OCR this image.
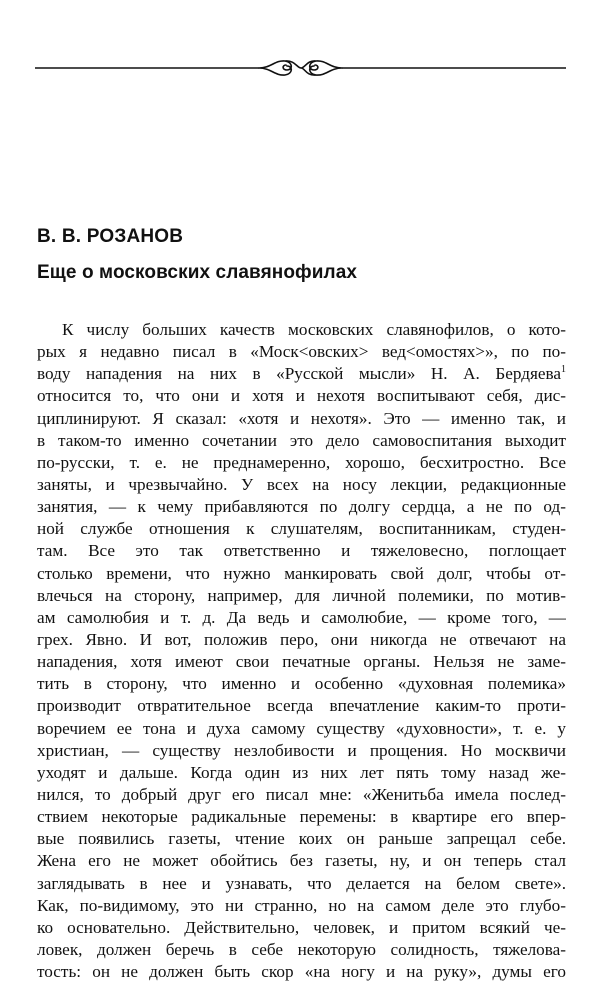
В. В. РОЗАНОВ
Еще о московских славянофилах
К числу больших качеств московских славянофилов, о кото-
рых я недавно писал в «Моск<овских> вед<омостях>», по по-
воду нападения на них в «Русской мысли» Н. А. Бердяева$^1$
относится то, что они и хотя и нехотя воспитывают себя, дис-
циплинируют. Я сказал: «хотя и нехотя». Это — именно так, и
в таком-то именно сочетании это дело самовоспитания выходит
по-русски, т. е. не преднамеренно, хорошо, бесхитростно. Все
заняты, и чрезвычайно. У всех на носу лекции, редакционные
занятия, — к чему прибавляются по долгу сердца, а не по од-
ной службе отношения к слушателям, воспитанникам, студен-
там. Все это так ответственно и тяжеловесно, поглощает
столько времени, что нужно манкировать свой долг, чтобы от-
влечься на сторону, например, для личной полемики, по мотив-
ам самолюбия и т. д. Да ведь и самолюбие, — кроме того, —
грех. Явно. И вот, положив перо, они никогда не отвечают на
нападения, хотя имеют свои печатные органы. Нельзя не заме-
тить в сторону, что именно и особенно «духовная полемика»
производит отвратительное всегда впечатление каким-то проти-
воречием ее тона и духа самому существу «духовности», т. е. у
христиан, — существу незлобивости и прощения. Но москвичи
уходят и дальше. Когда один из них лет пять тому назад же-
нился, то добрый друг его писал мне: «Женитьба имела послед-
ствием некоторые радикальные перемены: в квартире его впер-
вые появились газеты, чтение коих он раньше запрещал себе.
Жена его не может обойтись без газеты, ну, и он теперь стал
заглядывать в нее и узнавать, что делается на белом свете».
Как, по-видимому, это ни странно, но на самом деле это глубо-
ко основательно. Действительно, человек, и притом всякий че-
ловек, должен беречь в себе некоторую солидность, тяжелова-
тость: он не должен быть скор «на ногу и на руку», думы его
